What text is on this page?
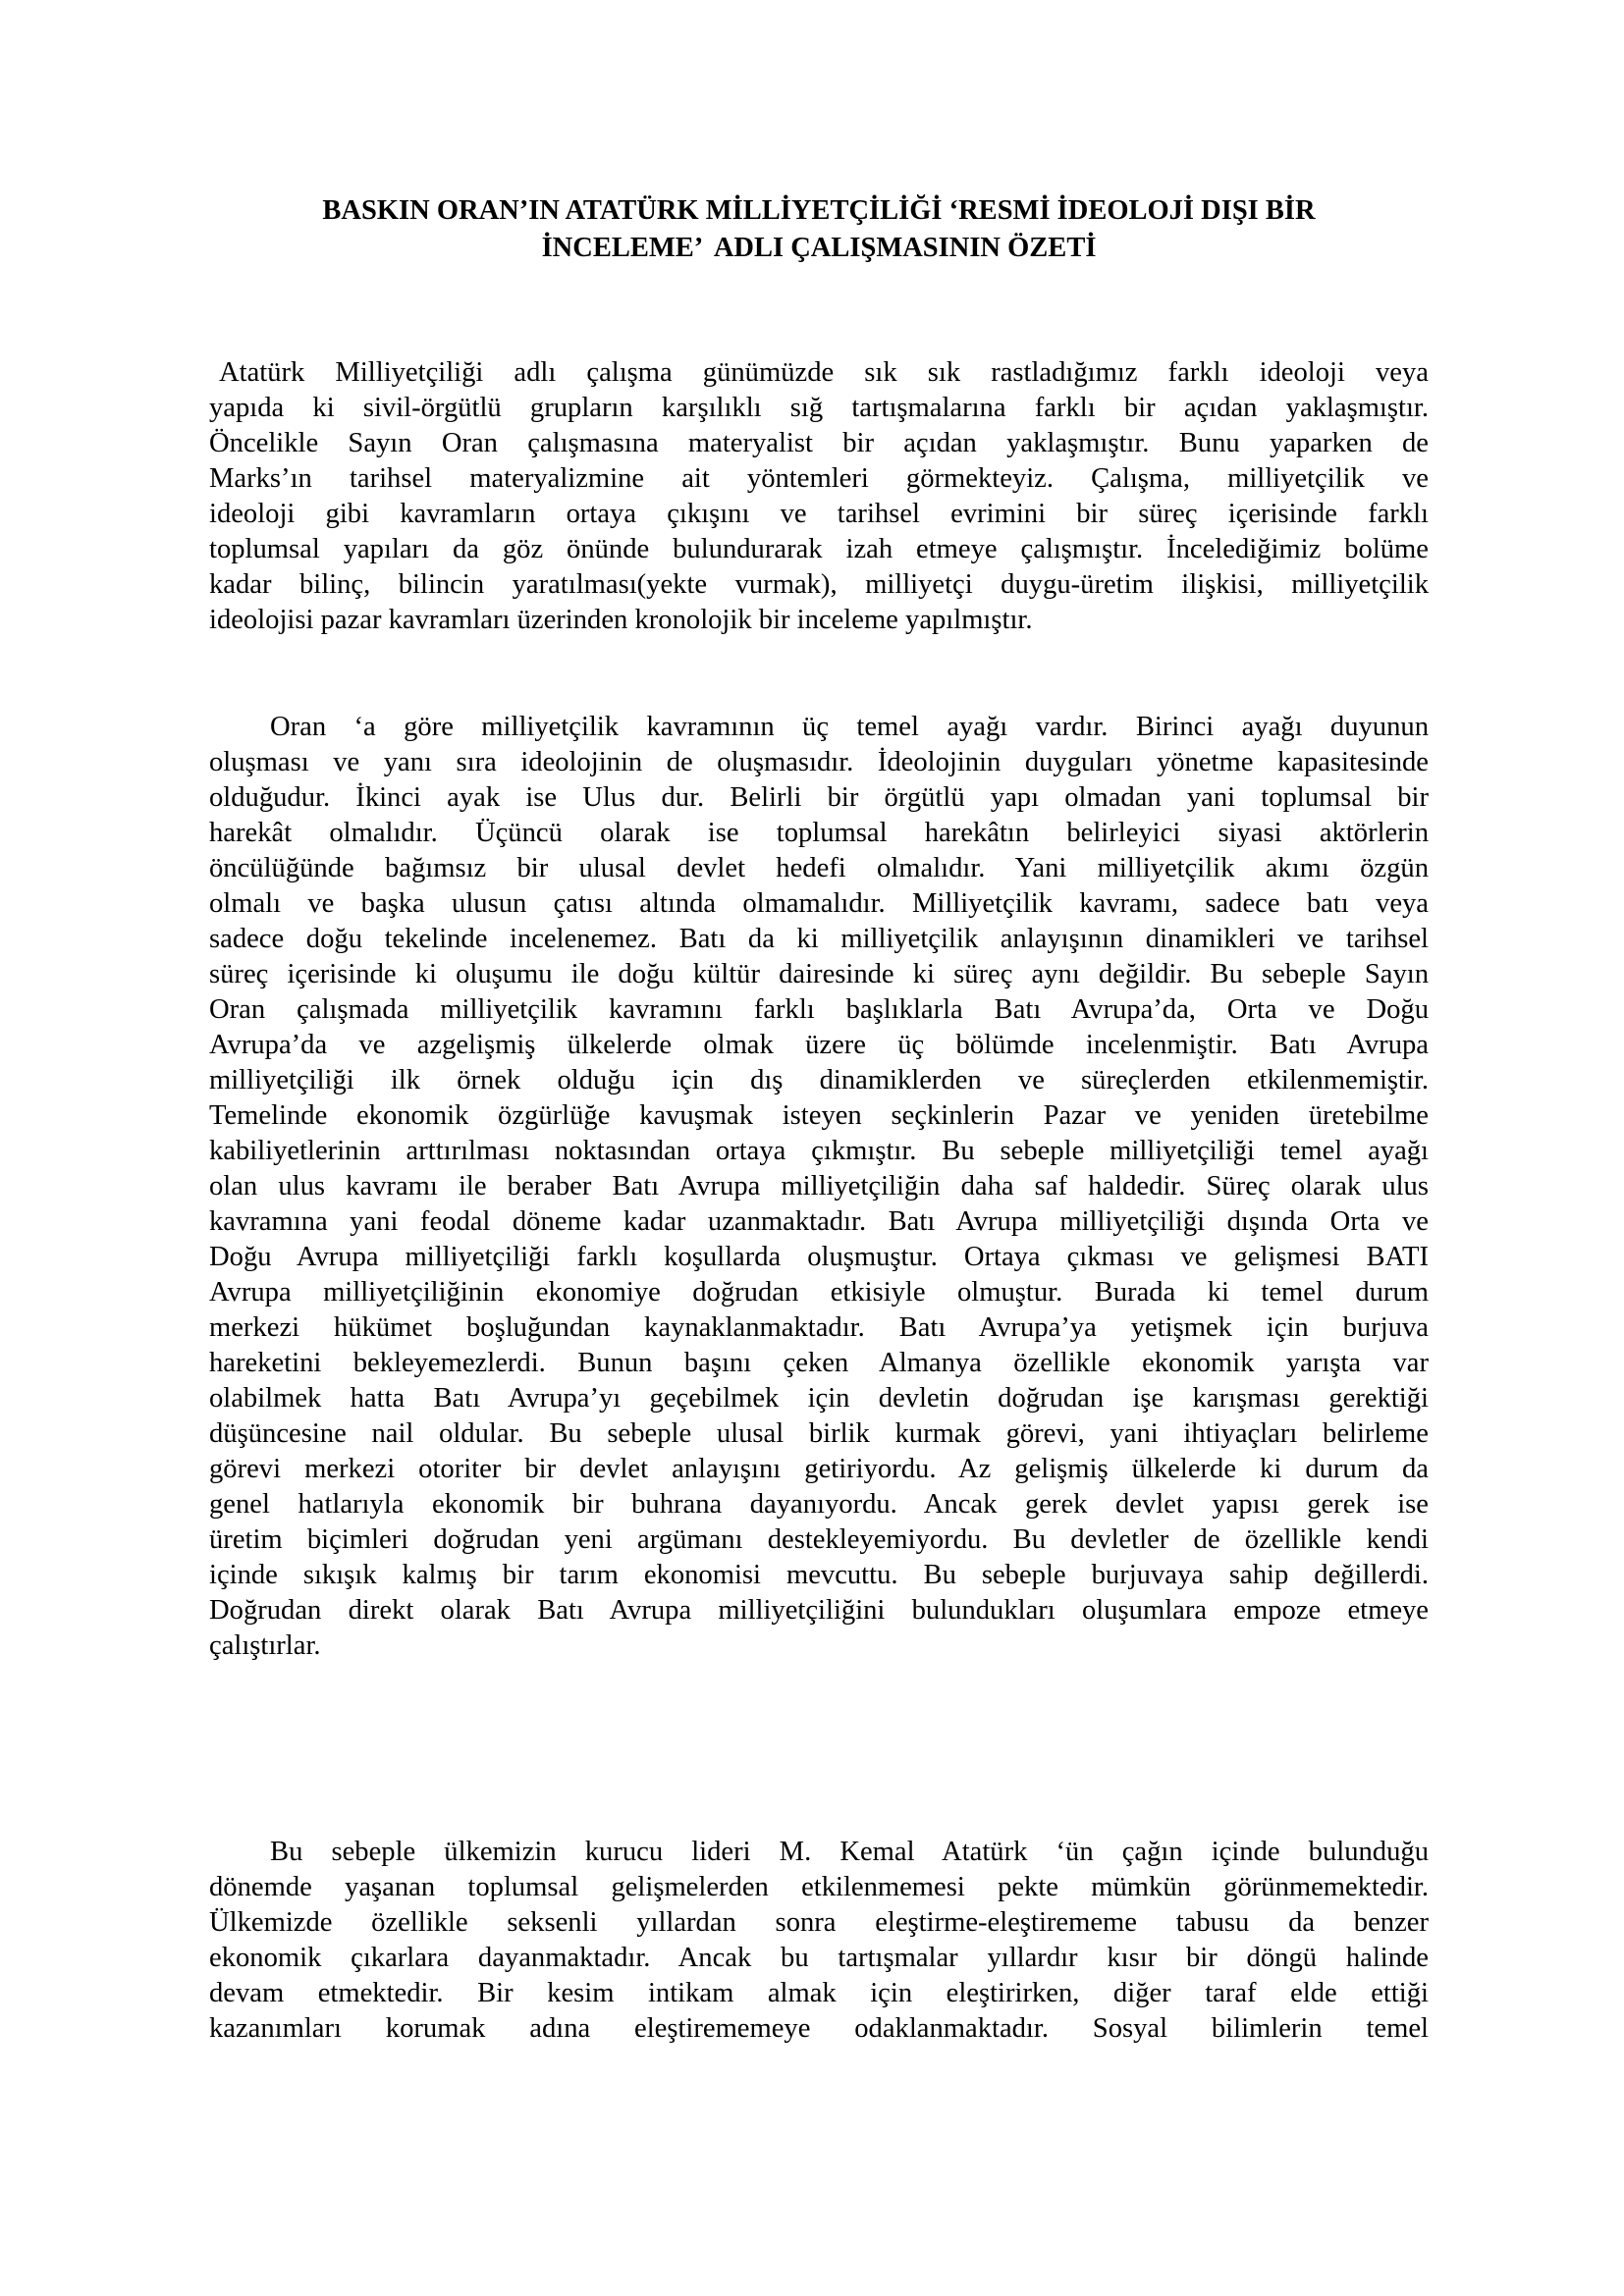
BASKIN ORAN’IN ATATÜRK MİLLİYETÇİLİĞİ ‘RESMİ İDEOLOJİ DIŞI BİR
İNCELEME’  ADLI ÇALIŞMASININ ÖZETİ
Atatürk Milliyetçiliği adlı çalışma günümüzde sık sık rastladığımız farklı ideoloji veya
yapıda ki sivil-örgütlü grupların karşılıklı sığ tartışmalarına farklı bir açıdan yaklaşmıştır.
Öncelikle Sayın Oran çalışmasına materyalist bir açıdan yaklaşmıştır. Bunu yaparken de
Marks’ın tarihsel materyalizmine ait yöntemleri görmekteyiz. Çalışma, milliyetçilik ve
ideoloji gibi kavramların ortaya çıkışını ve tarihsel evrimini bir süreç içerisinde farklı
toplumsal yapıları da göz önünde bulundurarak izah etmeye çalışmıştır. İncelediğimiz bolüme
kadar bilinç, bilincin yaratılması(yekte vurmak), milliyetçi duygu-üretim ilişkisi, milliyetçilik
ideolojisi pazar kavramları üzerinden kronolojik bir inceleme yapılmıştır.
Oran ‘a göre milliyetçilik kavramının üç temel ayağı vardır. Birinci ayağı duyunun
oluşması ve yanı sıra ideolojinin de oluşmasıdır. İdeolojinin duyguları yönetme kapasitesinde
olduğudur. İkinci ayak ise Ulus dur. Belirli bir örgütlü yapı olmadan yani toplumsal bir
harekât olmalıdır. Üçüncü olarak ise toplumsal harekâtın belirleyici siyasi aktörlerin
öncülüğünde bağımsız bir ulusal devlet hedefi olmalıdır. Yani milliyetçilik akımı özgün
olmalı ve başka ulusun çatısı altında olmamalıdır. Milliyetçilik kavramı, sadece batı veya
sadece doğu tekelinde incelenemez. Batı da ki milliyetçilik anlayışının dinamikleri ve tarihsel
süreç içerisinde ki oluşumu ile doğu kültür dairesinde ki süreç aynı değildir. Bu sebeple Sayın
Oran çalışmada milliyetçilik kavramını farklı başlıklarla Batı Avrupa’da, Orta ve Doğu
Avrupa’da ve azgelişmiş ülkelerde olmak üzere üç bölümde incelenmiştir. Batı Avrupa
milliyetçiliği ilk örnek olduğu için dış dinamiklerden ve süreçlerden etkilenmemiştir.
Temelinde ekonomik özgürlüğe kavuşmak isteyen seçkinlerin Pazar ve yeniden üretebilme
kabiliyetlerinin arttırılması noktasından ortaya çıkmıştır. Bu sebeple milliyetçiliği temel ayağı
olan ulus kavramı ile beraber Batı Avrupa milliyetçiliğin daha saf haldedir. Süreç olarak ulus
kavramına yani feodal döneme kadar uzanmaktadır. Batı Avrupa milliyetçiliği dışında Orta ve
Doğu Avrupa milliyetçiliği farklı koşullarda oluşmuştur. Ortaya çıkması ve gelişmesi BATI
Avrupa milliyetçiliğinin ekonomiye doğrudan etkisiyle olmuştur. Burada ki temel durum
merkezi hükümet boşluğundan kaynaklanmaktadır. Batı Avrupa’ya yetişmek için burjuva
hareketini bekleyemezlerdi. Bunun başını çeken Almanya özellikle ekonomik yarışta var
olabilmek hatta Batı Avrupa’yı geçebilmek için devletin doğrudan işe karışması gerektiği
düşüncesine nail oldular. Bu sebeple ulusal birlik kurmak görevi, yani ihtiyaçları belirleme
görevi merkezi otoriter bir devlet anlayışını getiriyordu. Az gelişmiş ülkelerde ki durum da
genel hatlarıyla ekonomik bir buhrana dayanıyordu. Ancak gerek devlet yapısı gerek ise
üretim biçimleri doğrudan yeni argümanı destekleyemiyordu. Bu devletler de özellikle kendi
içinde sıkışık kalmış bir tarım ekonomisi mevcuttu. Bu sebeple burjuvaya sahip değillerdi.
Doğrudan direkt olarak Batı Avrupa milliyetçiliğini bulundukları oluşumlara empoze etmeye
çalıştırlar.
Bu sebeple ülkemizin kurucu lideri M. Kemal Atatürk ‘ün çağın içinde bulunduğu
dönemde yaşanan toplumsal gelişmelerden etkilenmemesi pekte mümkün görünmemektedir.
Ülkemizde özellikle seksenli yıllardan sonra eleştirme-eleştirememe tabusu da benzer
ekonomik çıkarlara dayanmaktadır. Ancak bu tartışmalar yıllardır kısır bir döngü halinde
devam etmektedir. Bir kesim intikam almak için eleştirirken, diğer taraf elde ettiği
kazanımları korumak adına eleştirememeye odaklanmaktadır. Sosyal bilimlerin temel
